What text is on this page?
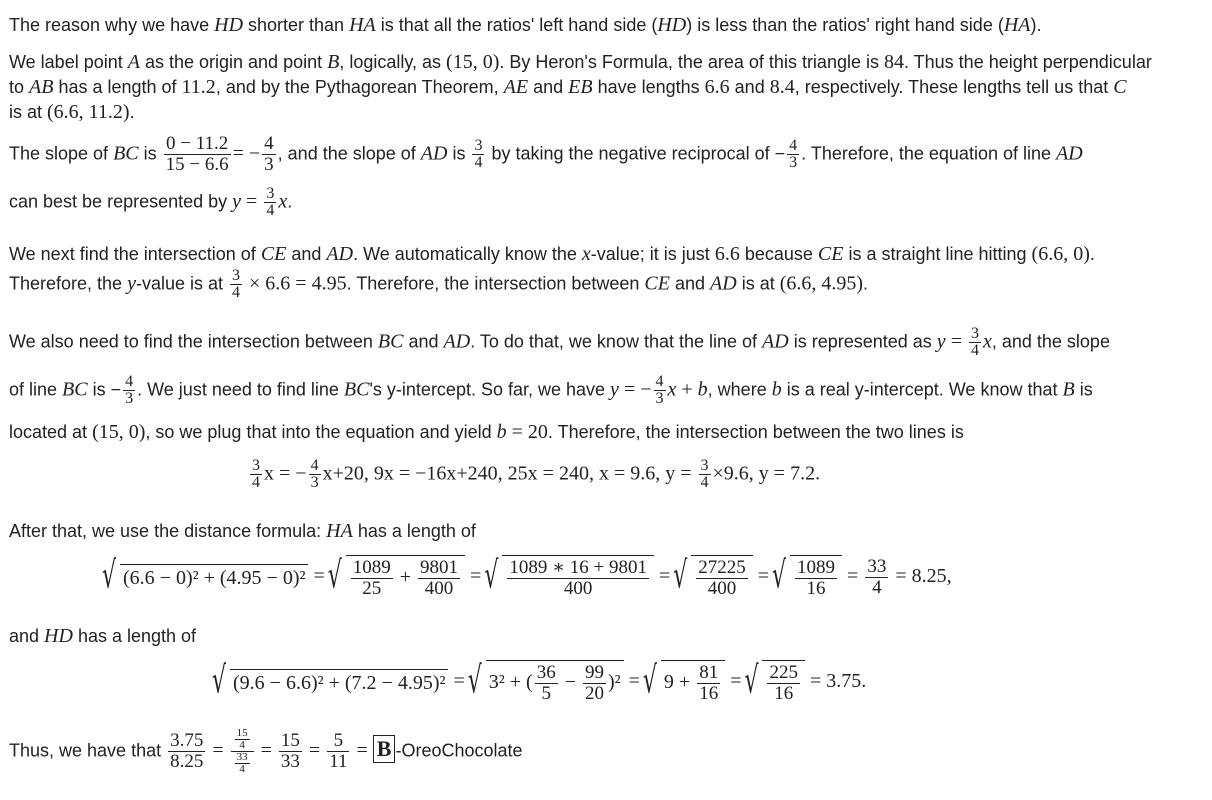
The reason why we have HD shorter than HA is that all the ratios' left hand side (HD) is less than the ratios' right hand side (HA).
We label point A as the origin and point B, logically, as (15, 0). By Heron's Formula, the area of this triangle is 84. Thus the height perpendicular
to AB has a length of 11.2, and by the Pythagorean Theorem, AE and EB have lengths 6.6 and 8.4, respectively. These lengths tell us that C
is at (6.6, 11.2).
The slope of BC is $\frac{0 - 11.2}{15 - 6.6}$ = − $\frac{4}{3}$ , and the slope of AD is $\frac{3}{4}$ by taking the negative reciprocal of − $\frac{4}{3}$ . Therefore, the equation of line AD
can best be represented by $y = \frac{3}{4} x$.
We next find the intersection of CE and AD. We automatically know the x-value; it is just 6.6 because CE is a straight line hitting (6.6, 0).
Therefore, the y-value is at $\frac{3}{4} \times 6.6 = 4.95$. Therefore, the intersection between CE and AD is at (6.6, 4.95).
We also need to find the intersection between BC and AD. To do that, we know that the line of AD is represented as $y = \frac{3}{4} x$, and the slope
of line BC is − $\frac{4}{3}$ . We just need to find line BC's y-intercept. So far, we have y = − $\frac{4}{3}$ x + b, where b is a real y-intercept. We know that B is
located at (15, 0), so we plug that into the equation and yield b = 20. Therefore, the intersection between the two lines is
$\frac{3}{4}$ x = − $\frac{4}{3} x+20$, 9x = −16x+240, 25x = 240, x = 9.6, $y = \frac{3}{4} \times 9.6$, y = 7.2.
After that, we use the distance formula: HA has a length of
√ (6.6 − 0)² + (4.95 − 0)² = √ $\frac{1089}{25} + \frac{9801}{400}$ = √ $\frac{1089 ∗ 16 + 9801}{400}$ = √ $\frac{27225}{400}$ = √ $\frac{1089}{16} = \frac{33}{4} = 8.25$,
and HD has a length of
√ (9.6 − 6.6)² + (7.2 − 4.95)² = √ 3² + ( $\frac{36}{5} - \frac{99}{20} )^2$ = √ $9 + \frac{81}{16}$ = √ $\frac{225}{16} = 3.75$.
Thus, we have that $\frac{3.75}{8.25} = \frac{\frac{15}{4}}{\frac{33}{4}} = \frac{15}{33} = \frac{5}{11} = B$ -OreoChocolate
